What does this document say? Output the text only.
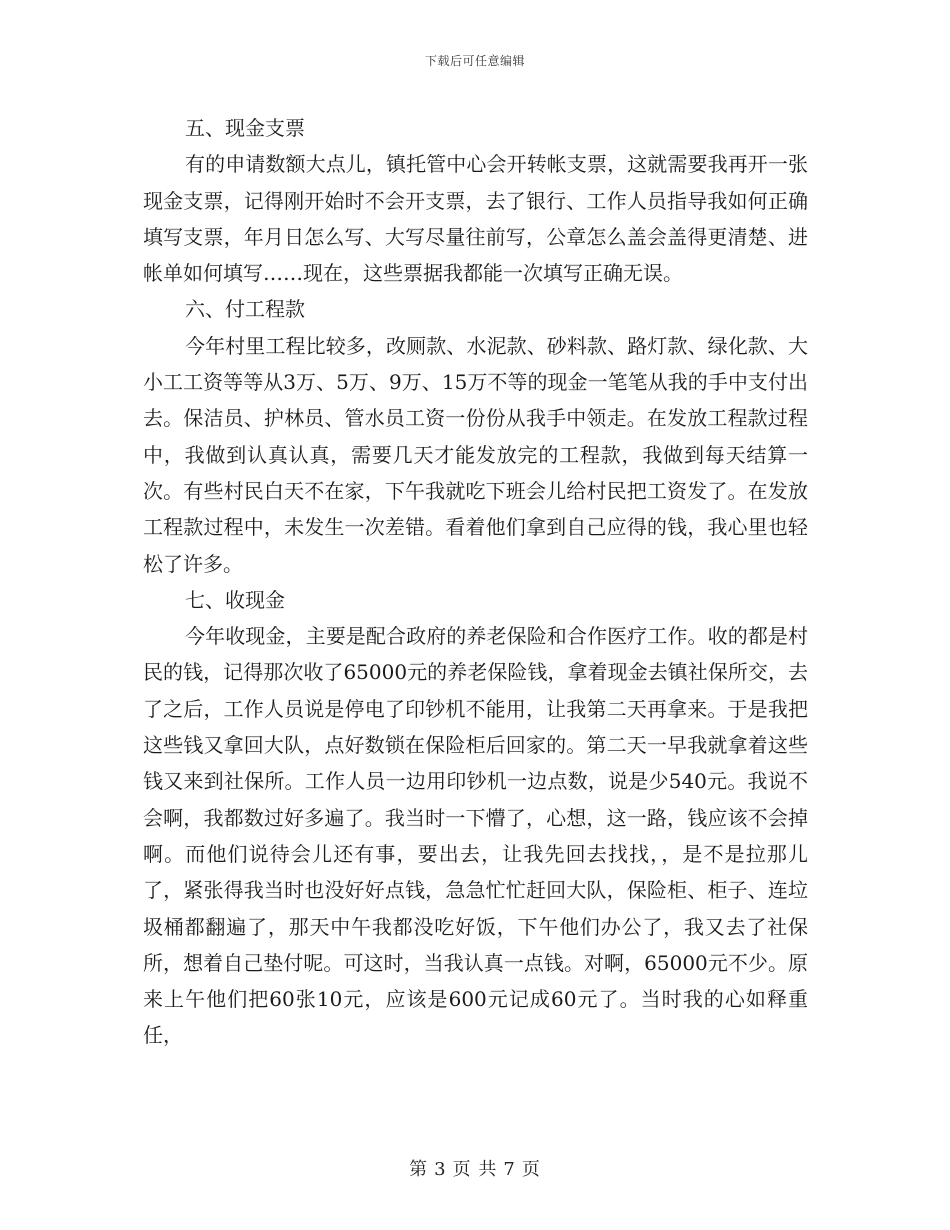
下载后可任意编辑

五、现金支票

有的申请数额大点儿，镇托管中心会开转帐支票，这就需要我再开一张现金支票，记得刚开始时不会开支票，去了银行、工作人员指导我如何正确填写支票，年月日怎么写、大写尽量往前写，公章怎么盖会盖得更清楚、进帐单如何填写……现在，这些票据我都能一次填写正确无误。

六、付工程款

今年村里工程比较多，改厕款、水泥款、砂料款、路灯款、绿化款、大小工工资等等从3万、5万、9万、15万不等的现金一笔笔从我的手中支付出去。保洁员、护林员、管水员工资一份份从我手中领走。在发放工程款过程中，我做到认真认真，需要几天才能发放完的工程款，我做到每天结算一次。有些村民白天不在家，下午我就吃下班会儿给村民把工资发了。在发放工程款过程中，未发生一次差错。看着他们拿到自己应得的钱，我心里也轻松了许多。

七、收现金

今年收现金，主要是配合政府的养老保险和合作医疗工作。收的都是村民的钱，记得那次收了65000元的养老保险钱，拿着现金去镇社保所交，去了之后，工作人员说是停电了印钞机不能用，让我第二天再拿来。于是我把这些钱又拿回大队，点好数锁在保险柜后回家的。第二天一早我就拿着这些钱又来到社保所。工作人员一边用印钞机一边点数，说是少540元。我说不会啊，我都数过好多遍了。我当时一下懵了，心想，这一路，钱应该不会掉啊。而他们说待会儿还有事，要出去，让我先回去找找，，是不是拉那儿了，紧张得我当时也没好好点钱，急急忙忙赶回大队，保险柜、柜子、连垃圾桶都翻遍了，那天中午我都没吃好饭，下午他们办公了，我又去了社保所，想着自己垫付呢。可这时，当我认真一点钱。对啊，65000元不少。原来上午他们把60张10元，应该是600元记成60元了。当时我的心如释重任，

第 3 页 共 7 页
